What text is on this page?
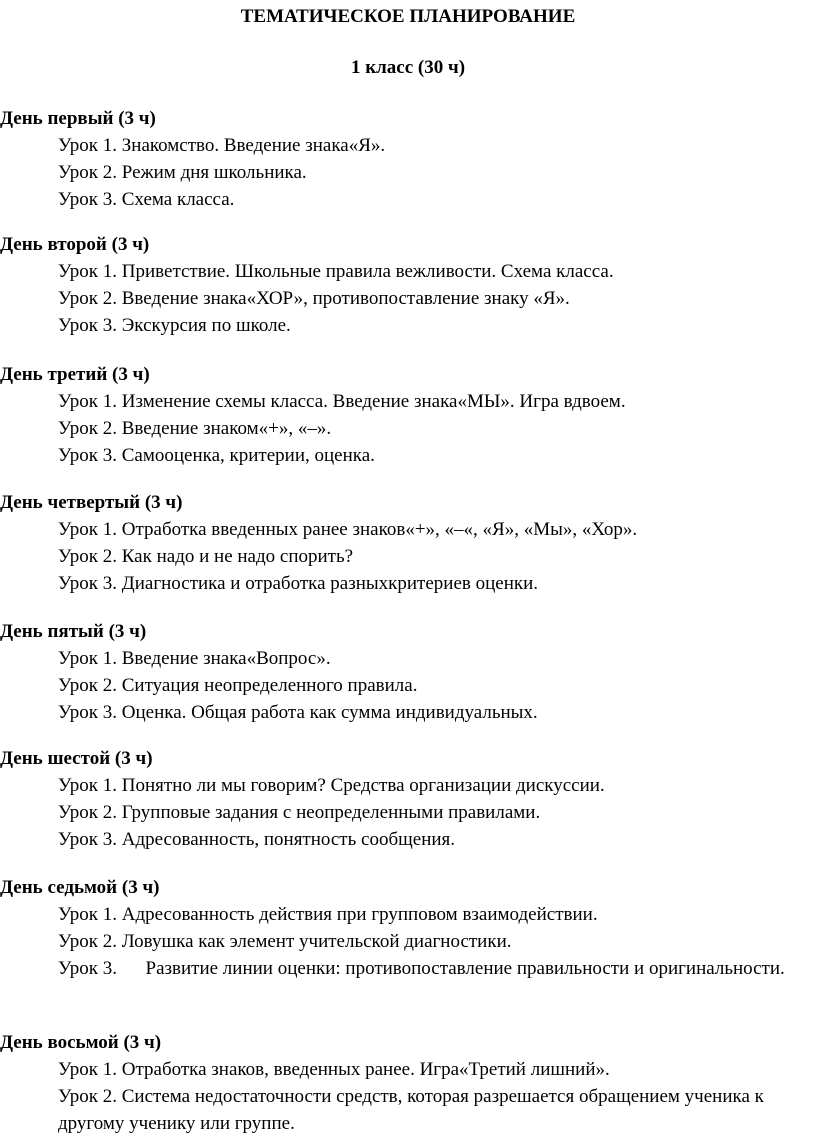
ТЕМАТИЧЕСКОЕ ПЛАНИРОВАНИЕ
1 класс (30 ч)
День первый (3 ч)
Урок 1. Знакомство. Введение знака«Я».
Урок 2. Режим дня школьника.
Урок 3. Схема класса.
День второй (3 ч)
Урок 1. Приветствие. Школьные правила вежливости. Схема класса.
Урок 2. Введение знака«ХОР», противопоставление знаку «Я».
Урок 3. Экскурсия по школе.
День третий (3 ч)
Урок 1. Изменение схемы класса. Введение знака«МЫ». Игра вдвоем.
Урок 2. Введение знаком«+», «–».
Урок 3. Самооценка, критерии, оценка.
День четвертый (3 ч)
Урок 1. Отработка введенных ранее знаков«+», «–«, «Я», «Мы», «Хор».
Урок 2. Как надо и не надо спорить?
Урок 3. Диагностика и отработка разныхкритериев оценки.
День пятый (3 ч)
Урок 1. Введение знака«Вопрос».
Урок 2. Ситуация неопределенного правила.
Урок 3. Оценка. Общая работа как сумма индивидуальных.
День шестой (3 ч)
Урок 1. Понятно ли мы говорим? Средства организации дискуссии.
Урок 2. Групповые задания с неопределенными правилами.
Урок 3. Адресованность, понятность сообщения.
День седьмой (3 ч)
Урок 1. Адресованность действия при групповом взаимодействии.
Урок 2. Ловушка как элемент учительской диагностики.
Урок 3.      Развитие линии оценки: противопоставление правильности и оригинальности.
День восьмой (3 ч)
Урок 1. Отработка знаков, введенных ранее. Игра«Третий лишний».
Урок 2. Система недостаточности средств, которая разрешается обращением ученика к другому ученику или группе.
